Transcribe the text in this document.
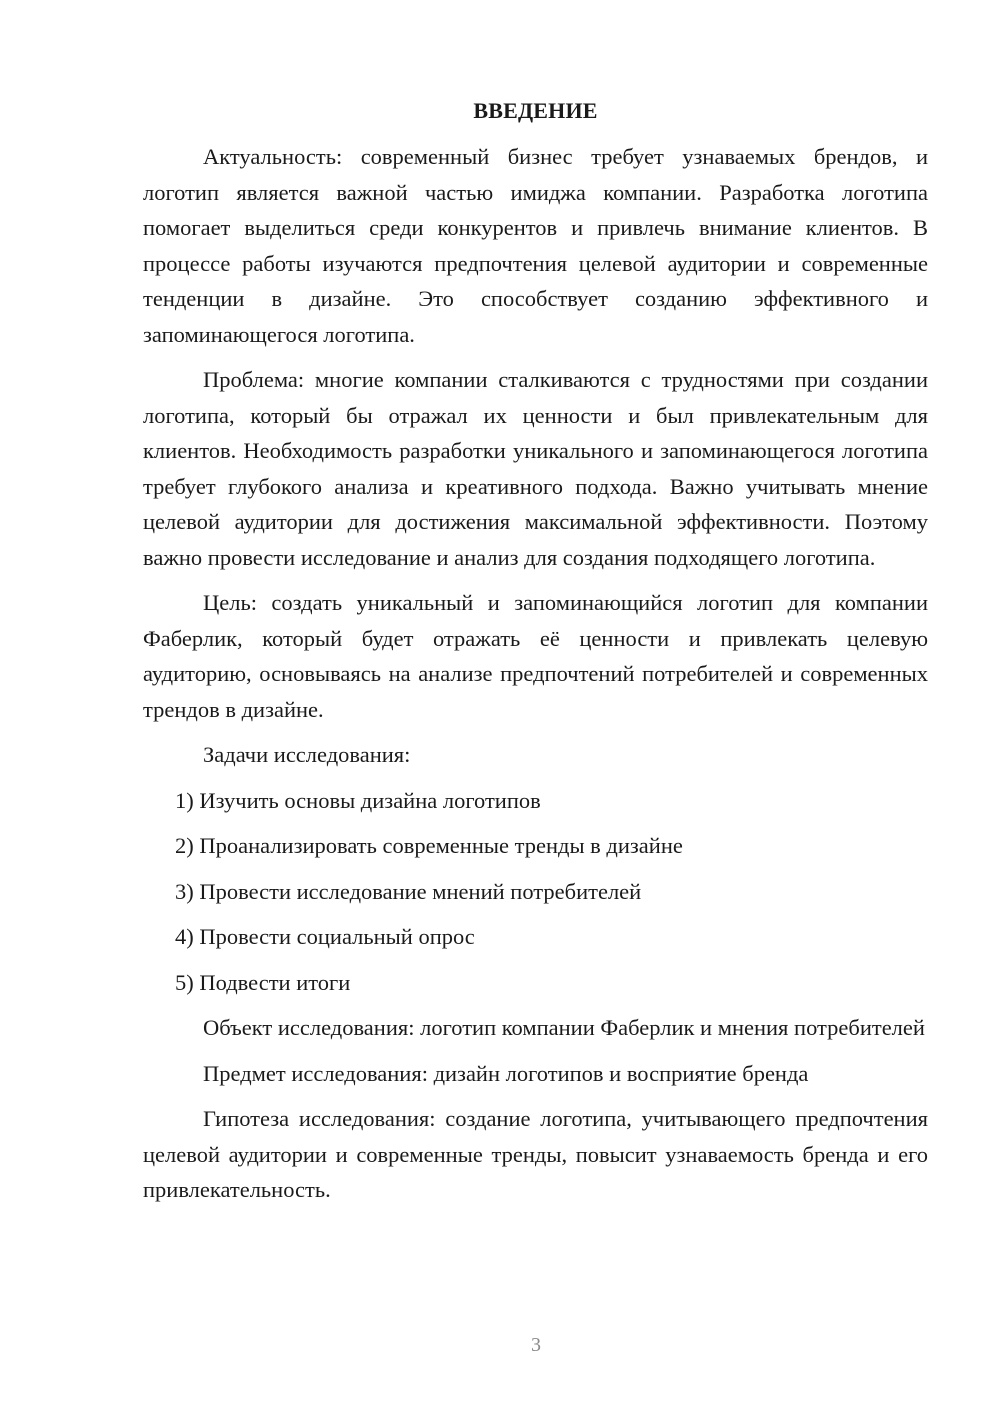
ВВЕДЕНИЕ

Актуальность: современный бизнес требует узнаваемых брендов, и логотип является важной частью имиджа компании. Разработка логотипа помогает выделиться среди конкурентов и привлечь внимание клиентов. В процессе работы изучаются предпочтения целевой аудитории и современные тенденции в дизайне. Это способствует созданию эффективного и запоминающегося логотипа.

Проблема: многие компании сталкиваются с трудностями при создании логотипа, который бы отражал их ценности и был привлекательным для клиентов. Необходимость разработки уникального и запоминающегося логотипа требует глубокого анализа и креативного подхода. Важно учитывать мнение целевой аудитории для достижения максимальной эффективности. Поэтому важно провести исследование и анализ для создания подходящего логотипа.

Цель: создать уникальный и запоминающийся логотип для компании Фаберлик, который будет отражать её ценности и привлекать целевую аудиторию, основываясь на анализе предпочтений потребителей и современных трендов в дизайне.

Задачи исследования:

1) Изучить основы дизайна логотипов

2) Проанализировать современные тренды в дизайне

3) Провести исследование мнений потребителей

4) Провести социальный опрос

5) Подвести итоги

Объект исследования: логотип компании Фаберлик и мнения потребителей

Предмет исследования: дизайн логотипов и восприятие бренда

Гипотеза исследования: создание логотипа, учитывающего предпочтения целевой аудитории и современные тренды, повысит узнаваемость бренда и его привлекательность.

3
